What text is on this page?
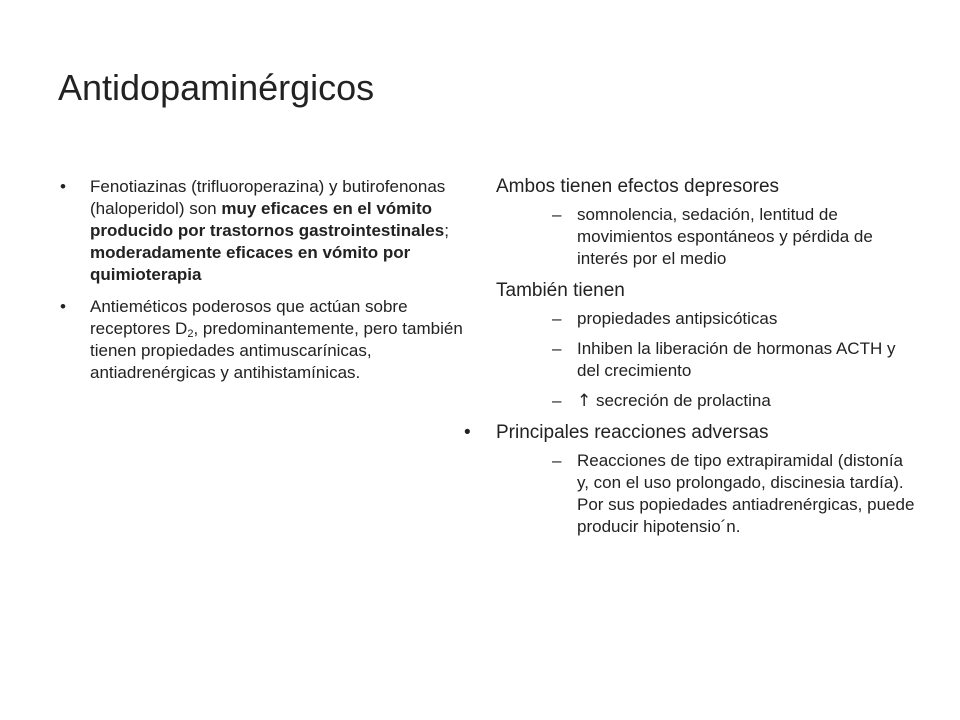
Antidopaminérgicos
• Fenotiazinas (trifluoroperazina) y butirofenonas (haloperidol) son muy eficaces en el vómito producido por trastornos gastrointestinales; moderadamente eficaces en vómito por quimioterapia
• Antieméticos poderosos que actúan sobre receptores $D_2$, predominantemente, pero también tienen propiedades antimuscarínicas, antiadrenérgicas y antihistamínicas.
Ambos tienen efectos depresores
– somnolencia, sedación, lentitud de movimientos espontáneos y pérdida de interés por el medio
También tienen
– propiedades antipsicóticas
– Inhiben la liberación de hormonas ACTH y del crecimiento
– ↑ secreción de prolactina
• Principales reacciones adversas
– Reacciones de tipo extrapiramidal (distonía y, con el uso prolongado, discinesia tardía). Por sus popiedades antiadrenérgicas, puede producir hipotensio´n.
